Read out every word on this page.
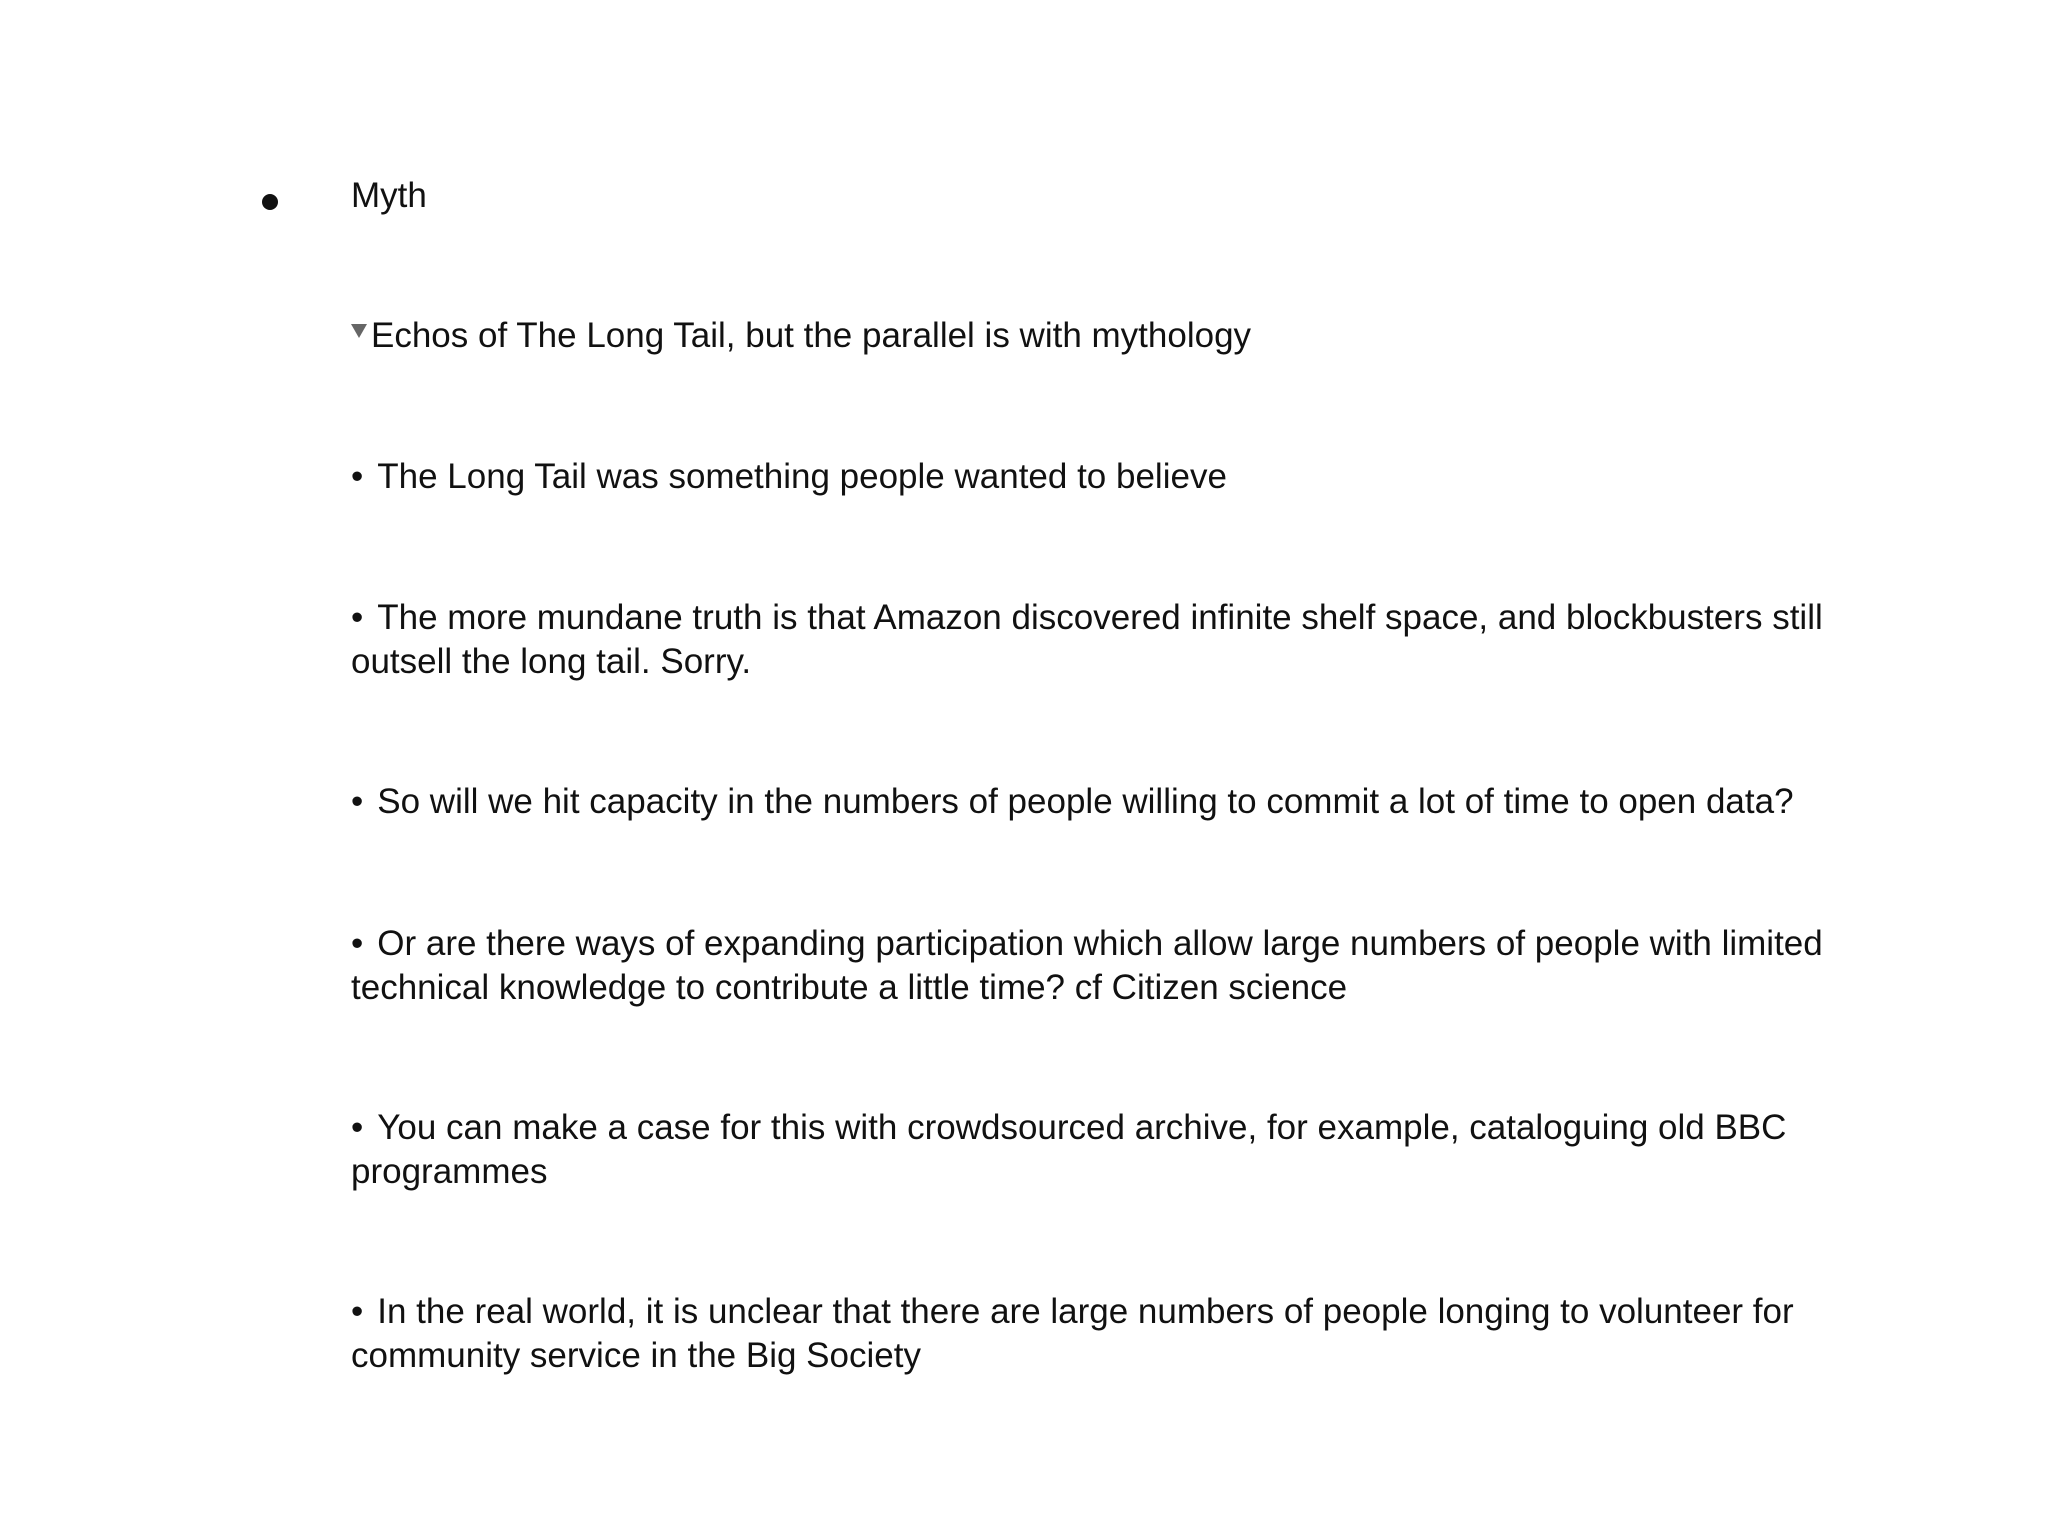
Myth
Echos of The Long Tail, but the parallel is with mythology
• The Long Tail was something people wanted to believe
• The more mundane truth is that Amazon discovered infinite shelf space, and blockbusters still outsell the long tail. Sorry.
• So will we hit capacity in the numbers of people willing to commit a lot of time to open data?
• Or are there ways of expanding participation which allow large numbers of people with limited technical knowledge to contribute a little time? cf Citizen science
• You can make a case for this with crowdsourced archive, for example, cataloguing old BBC programmes
• In the real world, it is unclear that there are large numbers of people longing to volunteer for community service in the Big Society
